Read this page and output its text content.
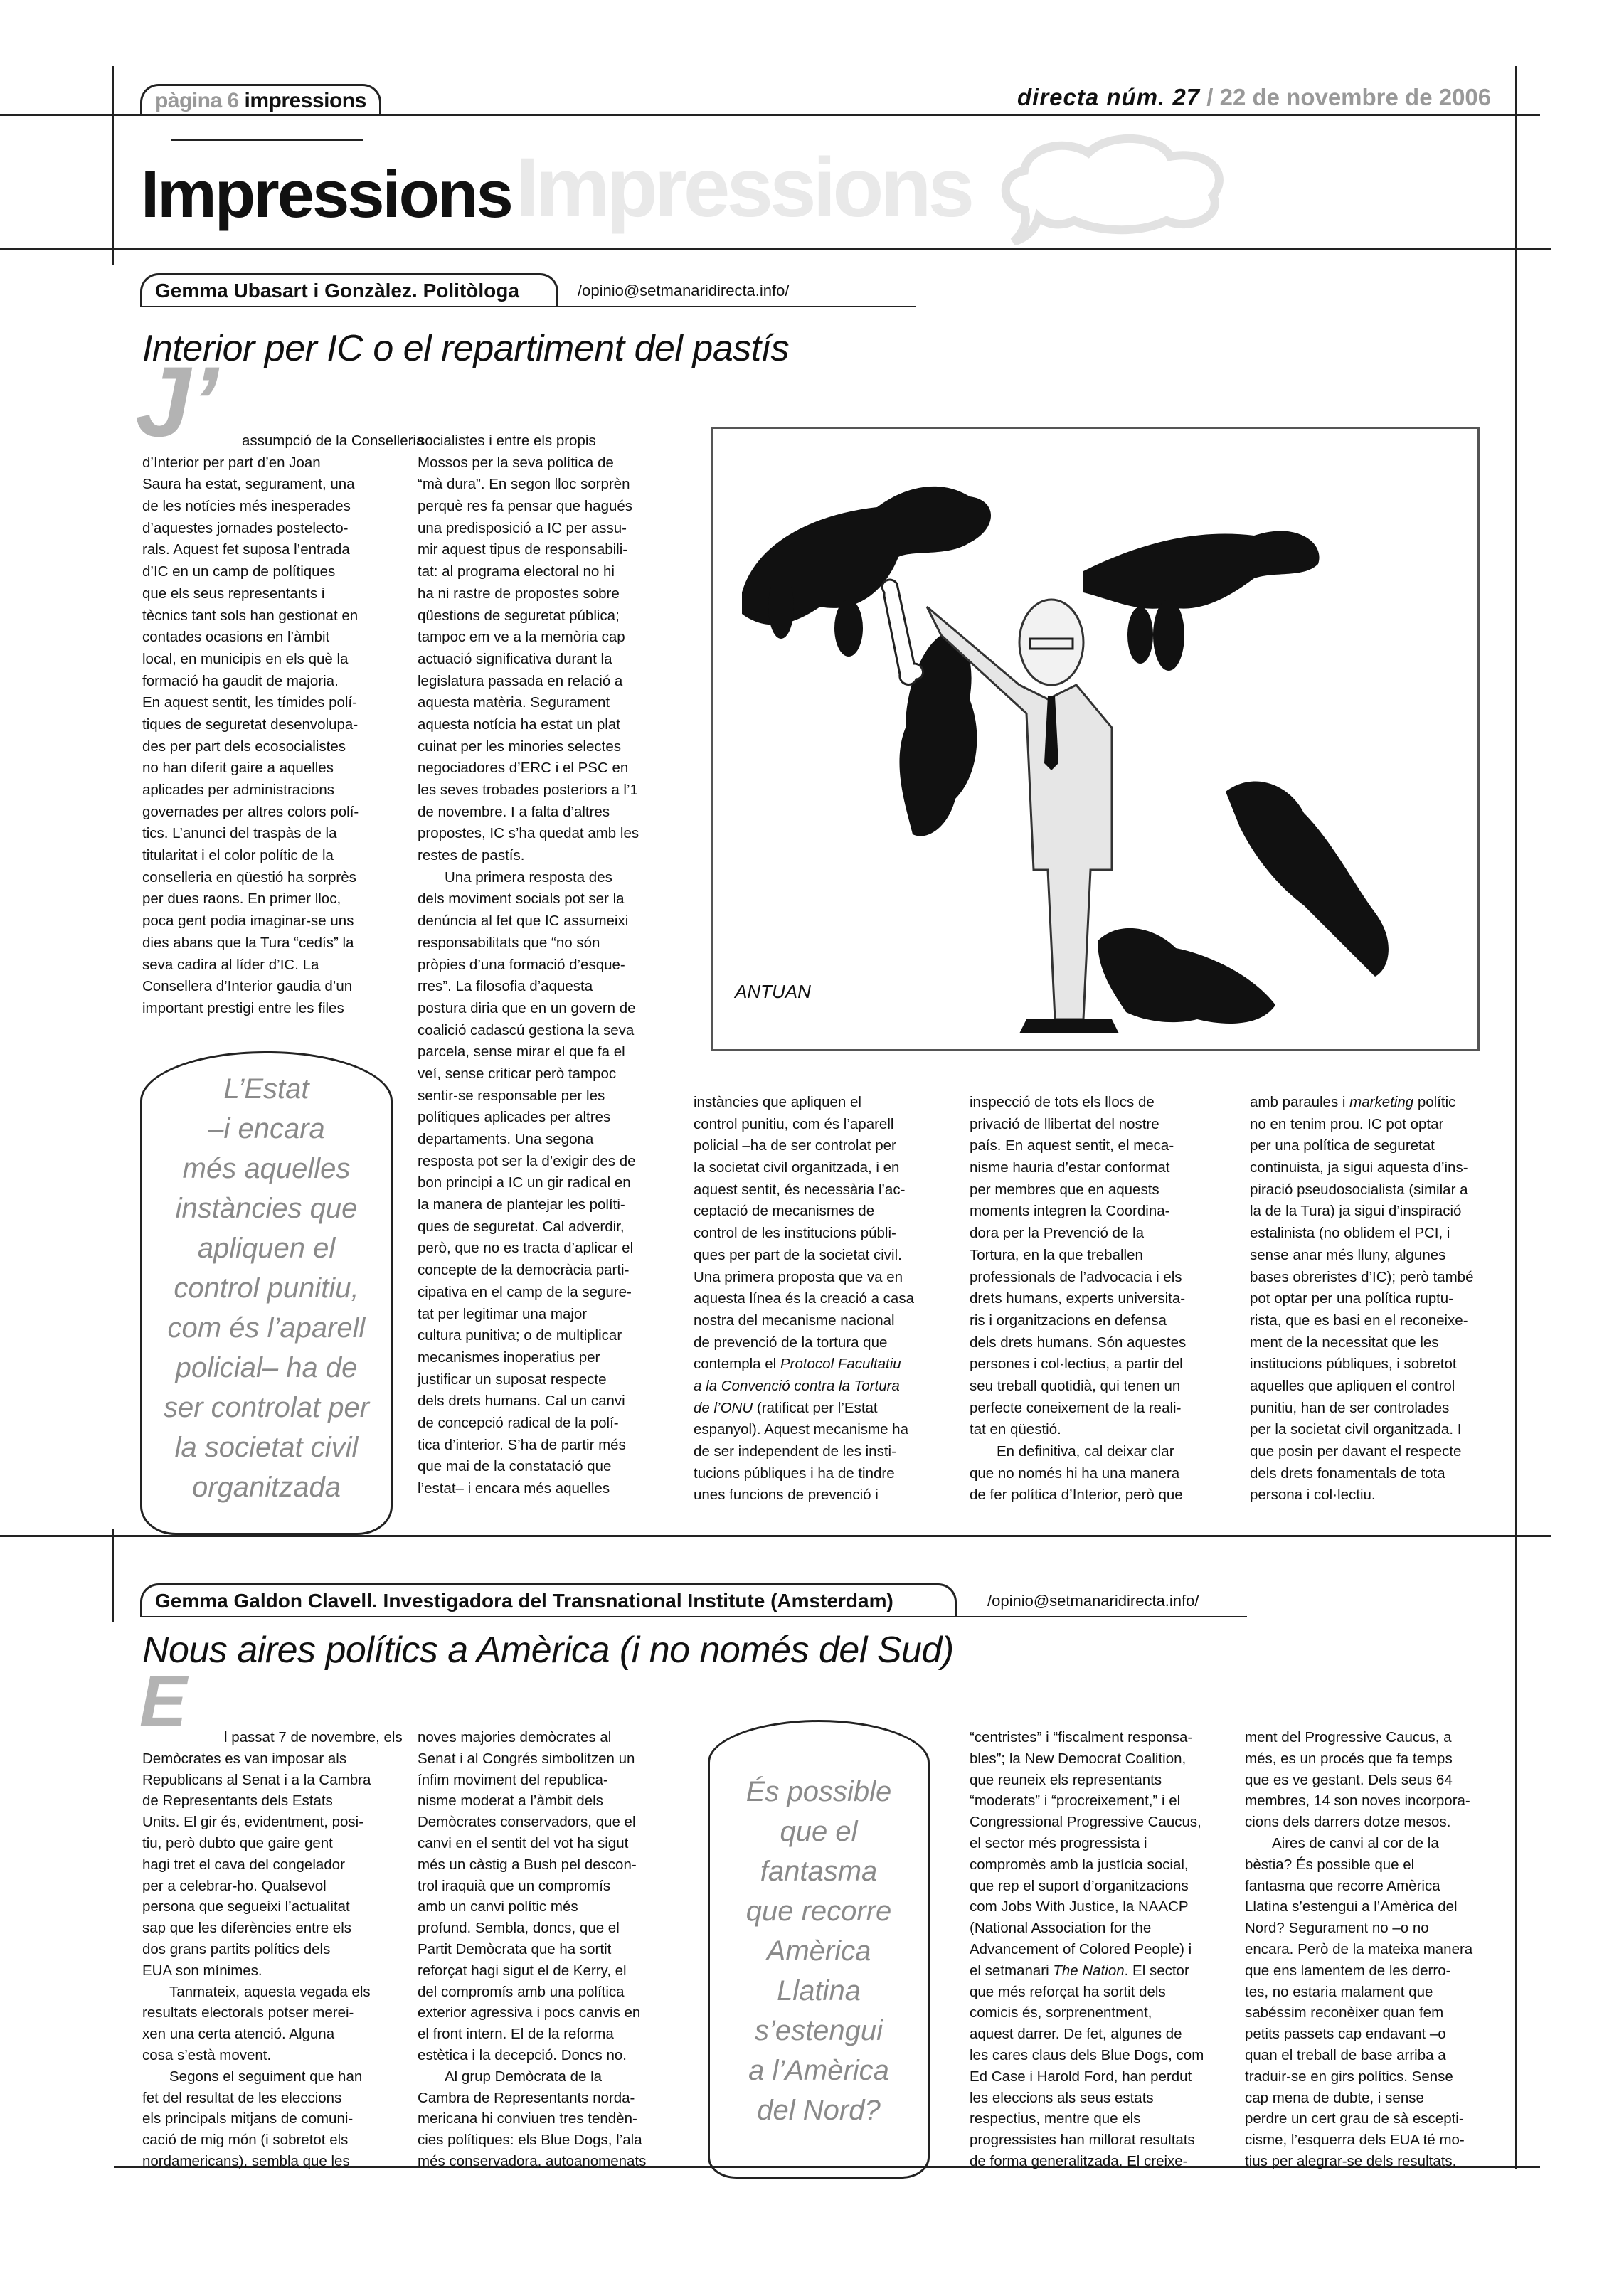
pàgina 6 impressions	directa núm. 27 / 22 de novembre de 2006
Impressions
Impressions
Gemma Ubasart i Gonzàlez. Politòloga	/opinio@setmanaridirecta.info/
Interior per IC o el repartiment del pastís
J’	assumpció de la Conselleria
d’Interior per part d’en Joan
Saura ha estat, segurament, una
de les notícies més inesperades
d’aquestes jornades postelecto-
rals. Aquest fet suposa l’entrada
d’IC en un camp de polítiques
que els seus representants i
tècnics tant sols han gestionat en
contades ocasions en l’àmbit
local, en municipis en els què la
formació ha gaudit de majoria.
En aquest sentit, les tímides polí-
tiques de seguretat desenvolupa-
des per part dels ecosocialistes
no han diferit gaire a aquelles
aplicades per administracions
governades per altres colors polí-
tics. L’anunci del traspàs de la
titularitat i el color polític de la
conselleria en qüestió ha sorprès
per dues raons. En primer lloc,
poca gent podia imaginar-se uns
dies abans que la Tura “cedís” la
seva cadira al líder d’IC. La
Consellera d’Interior gaudia d’un
important prestigi entre les files
socialistes i entre els propis
Mossos per la seva política de
“mà dura”. En segon lloc sorprèn
perquè res fa pensar que hagués
una predisposició a IC per assu-
mir aquest tipus de responsabili-
tat: al programa electoral no hi
ha ni rastre de propostes sobre
qüestions de seguretat pública;
tampoc em ve a la memòria cap
actuació significativa durant la
legislatura passada en relació a
aquesta matèria. Segurament
aquesta notícia ha estat un plat
cuinat per les minories selectes
negociadores d’ERC i el PSC en
les seves trobades posteriors a l’1
de novembre. I a falta d’altres
propostes, IC s’ha quedat amb les
restes de pastís.
Una primera resposta des
dels moviment socials pot ser la
denúncia al fet que IC assumeixi
responsabilitats que “no són
pròpies d’una formació d’esque-
rres”. La filosofia d’aquesta
postura diria que en un govern de
coalició cadascú gestiona la seva
parcela, sense mirar el que fa el
veí, sense criticar però tampoc
sentir-se responsable per les
polítiques aplicades per altres
departaments. Una segona
resposta pot ser la d’exigir des de
bon principi a IC un gir radical en
la manera de plantejar les políti-
ques de seguretat. Cal adverdir,
però, que no es tracta d’aplicar el
concepte de la democràcia parti-
cipativa en el camp de la segure-
tat per legitimar una major
cultura punitiva; o de multiplicar
mecanismes inoperatius per
justificar un suposat respecte
dels drets humans. Cal un canvi
de concepció radical de la polí-
tica d’interior. S’ha de partir més
que mai de la constatació que
l’estat– i encara més aquelles
instàncies que apliquen el
control punitiu, com és l’aparell
policial –ha de ser controlat per
la societat civil organitzada, i en
aquest sentit, és necessària l’ac-
ceptació de mecanismes de
control de les institucions públi-
ques per part de la societat civil.
Una primera proposta que va en
aquesta línea és la creació a casa
nostra del mecanisme nacional
de prevenció de la tortura que
contempla el Protocol Facultatiu
a la Convenció contra la Tortura
de l’ONU (ratificat per l’Estat
espanyol). Aquest mecanisme ha
de ser independent de les insti-
tucions públiques i ha de tindre
unes funcions de prevenció i
inspecció de tots els llocs de
privació de llibertat del nostre
país. En aquest sentit, el meca-
nisme hauria d’estar conformat
per membres que en aquests
moments integren la Coordina-
dora per la Prevenció de la
Tortura, en la que treballen
professionals de l’advocacia i els
drets humans, experts universita-
ris i organitzacions en defensa
dels drets humans. Són aquestes
persones i col·lectius, a partir del
seu treball quotidià, qui tenen un
perfecte coneixement de la reali-
tat en qüestió.
En definitiva, cal deixar clar
que no només hi ha una manera
de fer política d’Interior, però que
amb paraules i marketing polític
no en tenim prou. IC pot optar
per una política de seguretat
continuista, ja sigui aquesta d’ins-
piració pseudosocialista (similar a
la de la Tura) ja sigui d’inspiració
estalinista (no oblidem el PCI, i
sense anar més lluny, algunes
bases obreristes d’IC); però també
pot optar per una política ruptu-
rista, que es basi en el reconeixe-
ment de la necessitat que les
institucions públiques, i sobretot
aquelles que apliquen el control
punitiu, han de ser controlades
per la societat civil organitzada. I
que posin per davant el respecte
dels drets fonamentals de tota
persona i col·lectiu.
L’Estat
–i encara
més aquelles
instàncies que
apliquen el
control punitiu,
com és l’aparell
policial– ha de
ser controlat per
la societat civil
organitzada
ANTUAN
Gemma Galdon Clavell. Investigadora del Transnational Institute (Amsterdam)	/opinio@setmanaridirecta.info/
Nous aires polítics a Amèrica (i no només del Sud)
E	l passat 7 de novembre, els
Demòcrates es van imposar als
Republicans al Senat i a la Cambra
de Representants dels Estats
Units. El gir és, evidentment, posi-
tiu, però dubto que gaire gent
hagi tret el cava del congelador
per a celebrar-ho. Qualsevol
persona que segueixi l’actualitat
sap que les diferències entre els
dos grans partits polítics dels
EUA son mínimes.
Tanmateix, aquesta vegada els
resultats electorals potser merei-
xen una certa atenció. Alguna
cosa s’està movent.
Segons el seguiment que han
fet del resultat de les eleccions
els principals mitjans de comuni-
cació de mig món (i sobretot els
nordamericans), sembla que les
noves majories demòcrates al
Senat i al Congrés simbolitzen un
ínfim moviment del republica-
nisme moderat a l’àmbit dels
Demòcrates conservadors, que el
canvi en el sentit del vot ha sigut
més un càstig a Bush pel descon-
trol iraquià que un compromís
amb un canvi polític més
profund. Sembla, doncs, que el
Partit Demòcrata que ha sortit
reforçat hagi sigut el de Kerry, el
del compromís amb una política
exterior agressiva i pocs canvis en
el front intern. El de la reforma
estètica i la decepció. Doncs no.
Al grup Demòcrata de la
Cambra de Representants norda-
mericana hi conviuen tres tendèn-
cies polítiques: els Blue Dogs, l’ala
més conservadora, autoanomenats
És possible
que el
fantasma
que recorre
Amèrica
Llatina
s’estengui
a l’Amèrica
del Nord?
“centristes” i “fiscalment responsa-
bles”; la New Democrat Coalition,
que reuneix els representants
“moderats” i “procreixement,” i el
Congressional Progressive Caucus,
el sector més progressista i
compromès amb la justícia social,
que rep el suport d’organitzacions
com Jobs With Justice, la NAACP
(National Association for the
Advancement of Colored People) i
el setmanari The Nation. El sector
que més reforçat ha sortit dels
comicis és, sorprenentment,
aquest darrer. De fet, algunes de
les cares claus dels Blue Dogs, com
Ed Case i Harold Ford, han perdut
les eleccions als seus estats
respectius, mentre que els
progressistes han millorat resultats
de forma generalitzada. El creixe-
ment del Progressive Caucus, a
més, es un procés que fa temps
que es ve gestant. Dels seus 64
membres, 14 son noves incorpora-
cions dels darrers dotze mesos.
Aires de canvi al cor de la
bèstia? És possible que el
fantasma que recorre Amèrica
Llatina s’estengui a l’Amèrica del
Nord? Segurament no –o no
encara. Però de la mateixa manera
que ens lamentem de les derro-
tes, no estaria malament que
sabéssim reconèixer quan fem
petits passets cap endavant –o
quan el treball de base arriba a
traduir-se en girs polítics. Sense
cap mena de dubte, i sense
perdre un cert grau de sà escepti-
cisme, l’esquerra dels EUA té mo-
tius per alegrar-se dels resultats.
